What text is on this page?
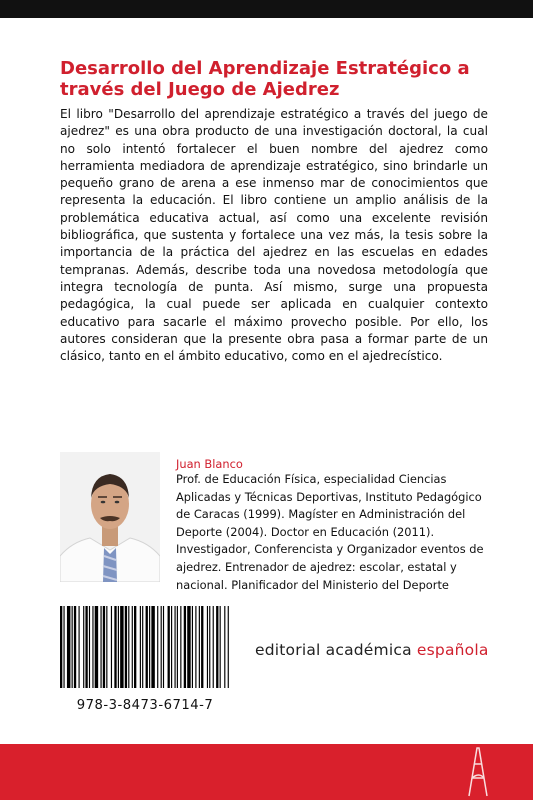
Desarrollo del Aprendizaje Estratégico a través del Juego de Ajedrez

El libro "Desarrollo del aprendizaje estratégico a través del juego de ajedrez" es una obra producto de una investigación doctoral, la cual no solo intentó fortalecer el buen nombre del ajedrez como herramienta mediadora de aprendizaje estratégico, sino brindarle un pequeño grano de arena a ese inmenso mar de conocimientos que representa la educación. El libro contiene un amplio análisis de la problemática educativa actual, así como una excelente revisión bibliográfica, que sustenta y fortalece una vez más, la tesis sobre la importancia de la práctica del ajedrez en las escuelas en edades tempranas. Además, describe toda una novedosa metodología que integra tecnología de punta. Así mismo, surge una propuesta pedagógica, la cual puede ser aplicada en cualquier contexto educativo para sacarle el máximo provecho posible. Por ello, los autores consideran que la presente obra pasa a formar parte de un clásico, tanto en el ámbito educativo, como en el ajedrecístico.

Juan Blanco

Prof. de Educación Física, especialidad Ciencias Aplicadas y Técnicas Deportivas, Instituto Pedagógico de Caracas (1999). Magíster en Administración del Deporte (2004). Doctor en Educación (2011). Investigador, Conferencista y Organizador eventos de ajedrez. Entrenador de ajedrez: escolar, estatal y nacional. Planificador del Ministerio del Deporte

978-3-8473-6714-7
editorial académica española
